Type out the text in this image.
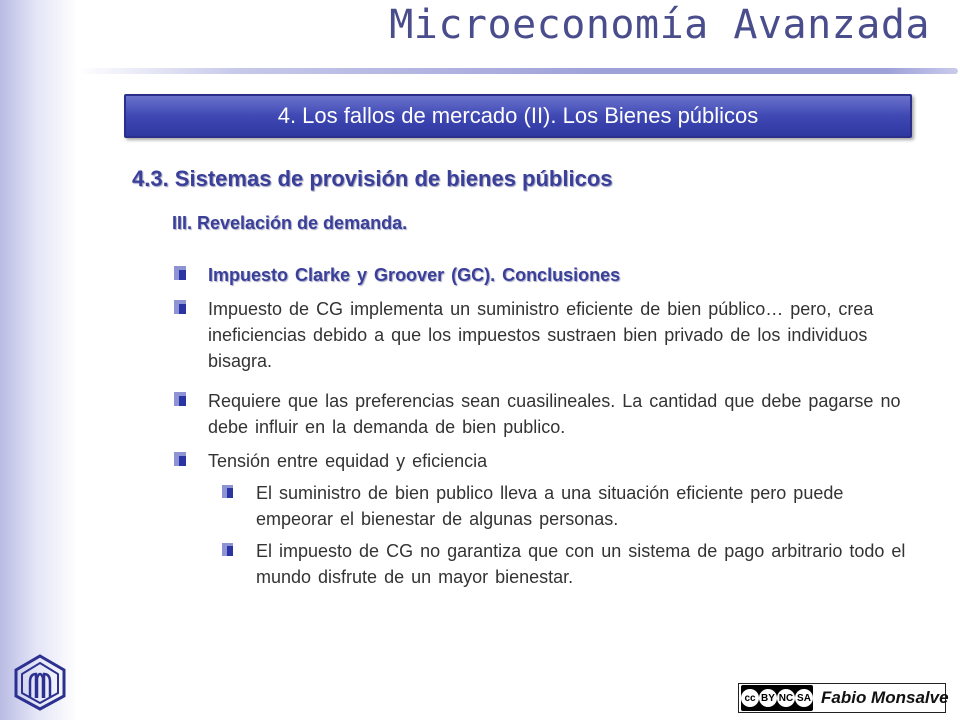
Microeconomía Avanzada
4. Los fallos de mercado (II). Los Bienes públicos
4.3. Sistemas de provisión de bienes públicos
III. Revelación de demanda.
Impuesto Clarke y Groover (GC). Conclusiones
Impuesto de CG implementa un suministro eficiente de bien público… pero, crea ineficiencias debido a que los impuestos sustraen bien privado de los individuos bisagra.
Requiere que las preferencias sean cuasilineales. La cantidad que debe pagarse no debe influir en la demanda de bien publico.
Tensión entre equidad y eficiencia
El suministro de bien publico lleva a una situación eficiente pero puede empeorar el bienestar de algunas personas.
El impuesto de CG no garantiza que con un sistema de pago arbitrario todo el mundo disfrute de un mayor bienestar.
cc BY NC SA Fabio Monsalve
